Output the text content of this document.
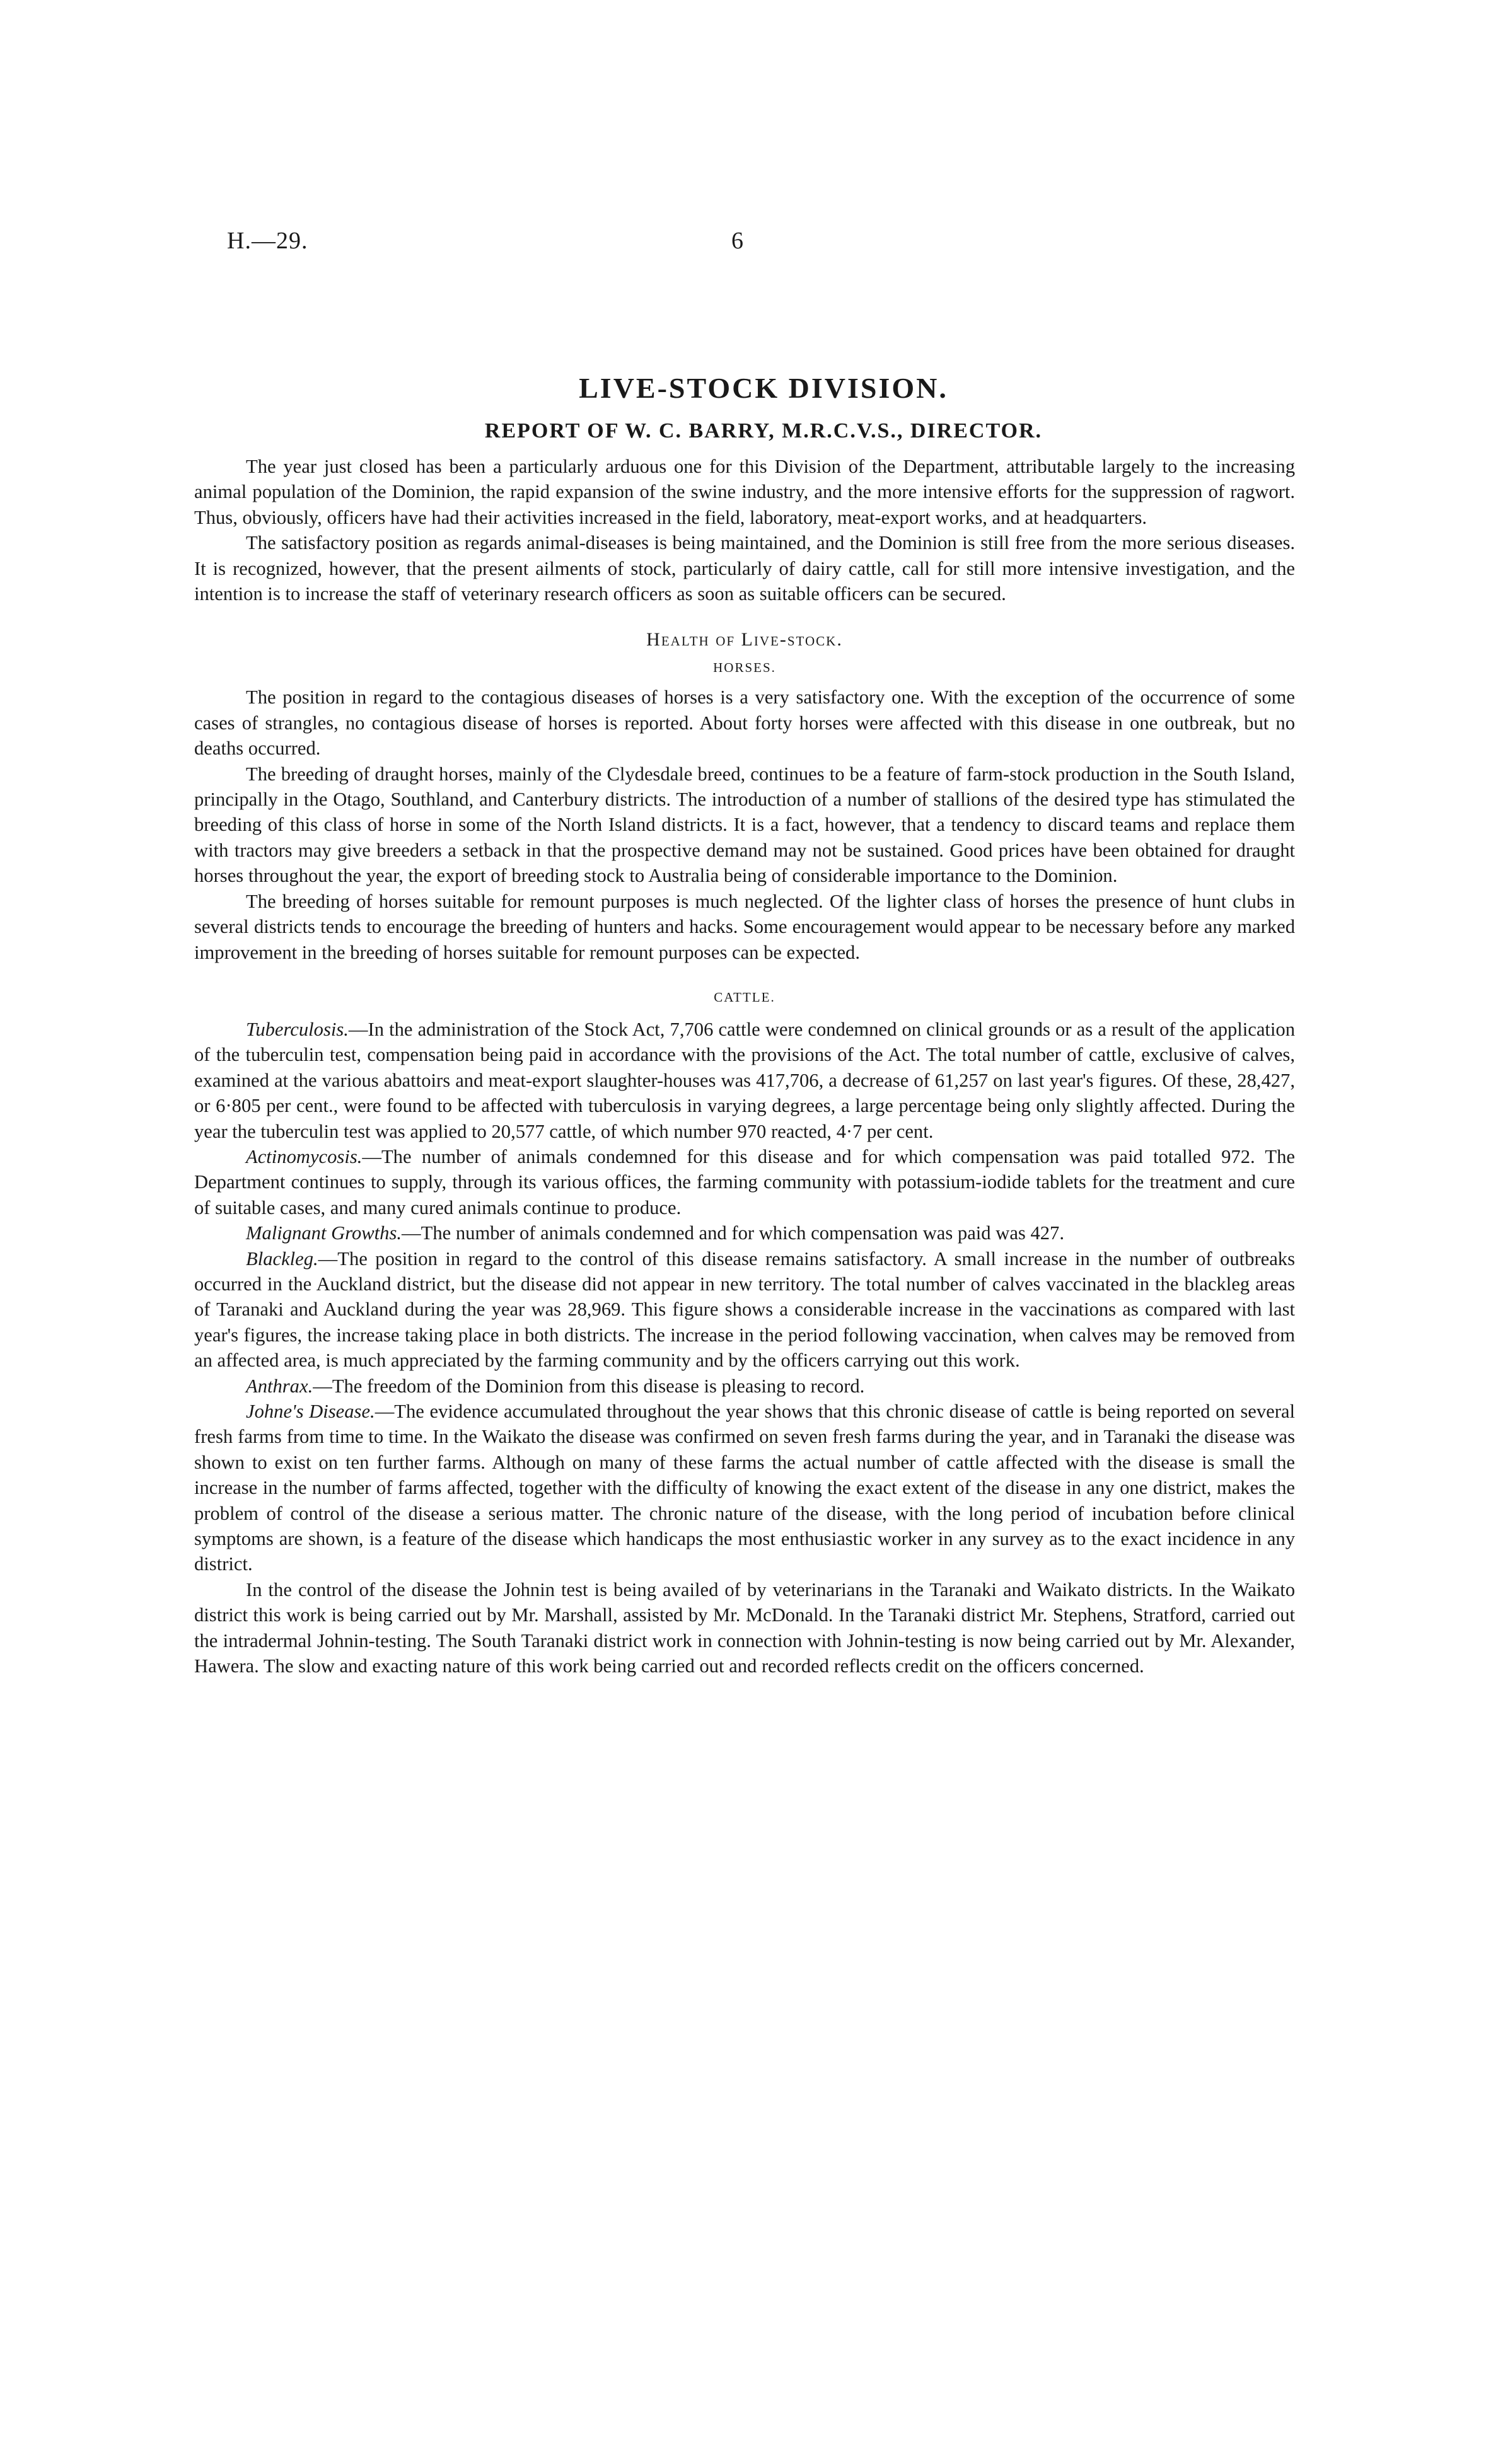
H.—29.	6
LIVE-STOCK DIVISION.
REPORT OF W. C. BARRY, M.R.C.V.S., DIRECTOR.

The year just closed has been a particularly arduous one for this Division of the Department, attributable largely to the increasing animal population of the Dominion, the rapid expansion of the swine industry, and the more intensive efforts for the suppression of ragwort. Thus, obviously, officers have had their activities increased in the field, laboratory, meat-export works, and at headquarters.

The satisfactory position as regards animal-diseases is being maintained, and the Dominion is still free from the more serious diseases. It is recognized, however, that the present ailments of stock, particularly of dairy cattle, call for still more intensive investigation, and the intention is to increase the staff of veterinary research officers as soon as suitable officers can be secured.

Health of Live-stock.
HORSES.

The position in regard to the contagious diseases of horses is a very satisfactory one. With the exception of the occurrence of some cases of strangles, no contagious disease of horses is reported. About forty horses were affected with this disease in one outbreak, but no deaths occurred.

The breeding of draught horses, mainly of the Clydesdale breed, continues to be a feature of farm-stock production in the South Island, principally in the Otago, Southland, and Canterbury districts. The introduction of a number of stallions of the desired type has stimulated the breeding of this class of horse in some of the North Island districts. It is a fact, however, that a tendency to discard teams and replace them with tractors may give breeders a setback in that the prospective demand may not be sustained. Good prices have been obtained for draught horses throughout the year, the export of breeding stock to Australia being of considerable importance to the Dominion.

The breeding of horses suitable for remount purposes is much neglected. Of the lighter class of horses the presence of hunt clubs in several districts tends to encourage the breeding of hunters and hacks. Some encouragement would appear to be necessary before any marked improvement in the breeding of horses suitable for remount purposes can be expected.

CATTLE.

Tuberculosis.—In the administration of the Stock Act, 7,706 cattle were condemned on clinical grounds or as a result of the application of the tuberculin test, compensation being paid in accordance with the provisions of the Act. The total number of cattle, exclusive of calves, examined at the various abattoirs and meat-export slaughter-houses was 417,706, a decrease of 61,257 on last year's figures. Of these, 28,427, or 6·805 per cent., were found to be affected with tuberculosis in varying degrees, a large percentage being only slightly affected. During the year the tuberculin test was applied to 20,577 cattle, of which number 970 reacted, 4·7 per cent.

Actinomycosis.—The number of animals condemned for this disease and for which compensation was paid totalled 972. The Department continues to supply, through its various offices, the farming community with potassium-iodide tablets for the treatment and cure of suitable cases, and many cured animals continue to produce.

Malignant Growths.—The number of animals condemned and for which compensation was paid was 427.

Blackleg.—The position in regard to the control of this disease remains satisfactory. A small increase in the number of outbreaks occurred in the Auckland district, but the disease did not appear in new territory. The total number of calves vaccinated in the blackleg areas of Taranaki and Auckland during the year was 28,969. This figure shows a considerable increase in the vaccinations as compared with last year's figures, the increase taking place in both districts. The increase in the period following vaccination, when calves may be removed from an affected area, is much appreciated by the farming community and by the officers carrying out this work.

Anthrax.—The freedom of the Dominion from this disease is pleasing to record.

Johne's Disease.—The evidence accumulated throughout the year shows that this chronic disease of cattle is being reported on several fresh farms from time to time. In the Waikato the disease was confirmed on seven fresh farms during the year, and in Taranaki the disease was shown to exist on ten further farms. Although on many of these farms the actual number of cattle affected with the disease is small the increase in the number of farms affected, together with the difficulty of knowing the exact extent of the disease in any one district, makes the problem of control of the disease a serious matter. The chronic nature of the disease, with the long period of incubation before clinical symptoms are shown, is a feature of the disease which handicaps the most enthusiastic worker in any survey as to the exact incidence in any district.

In the control of the disease the Johnin test is being availed of by veterinarians in the Taranaki and Waikato districts. In the Waikato district this work is being carried out by Mr. Marshall, assisted by Mr. McDonald. In the Taranaki district Mr. Stephens, Stratford, carried out the intradermal Johnin-testing. The South Taranaki district work in connection with Johnin-testing is now being carried out by Mr. Alexander, Hawera. The slow and exacting nature of this work being carried out and recorded reflects credit on the officers concerned.
